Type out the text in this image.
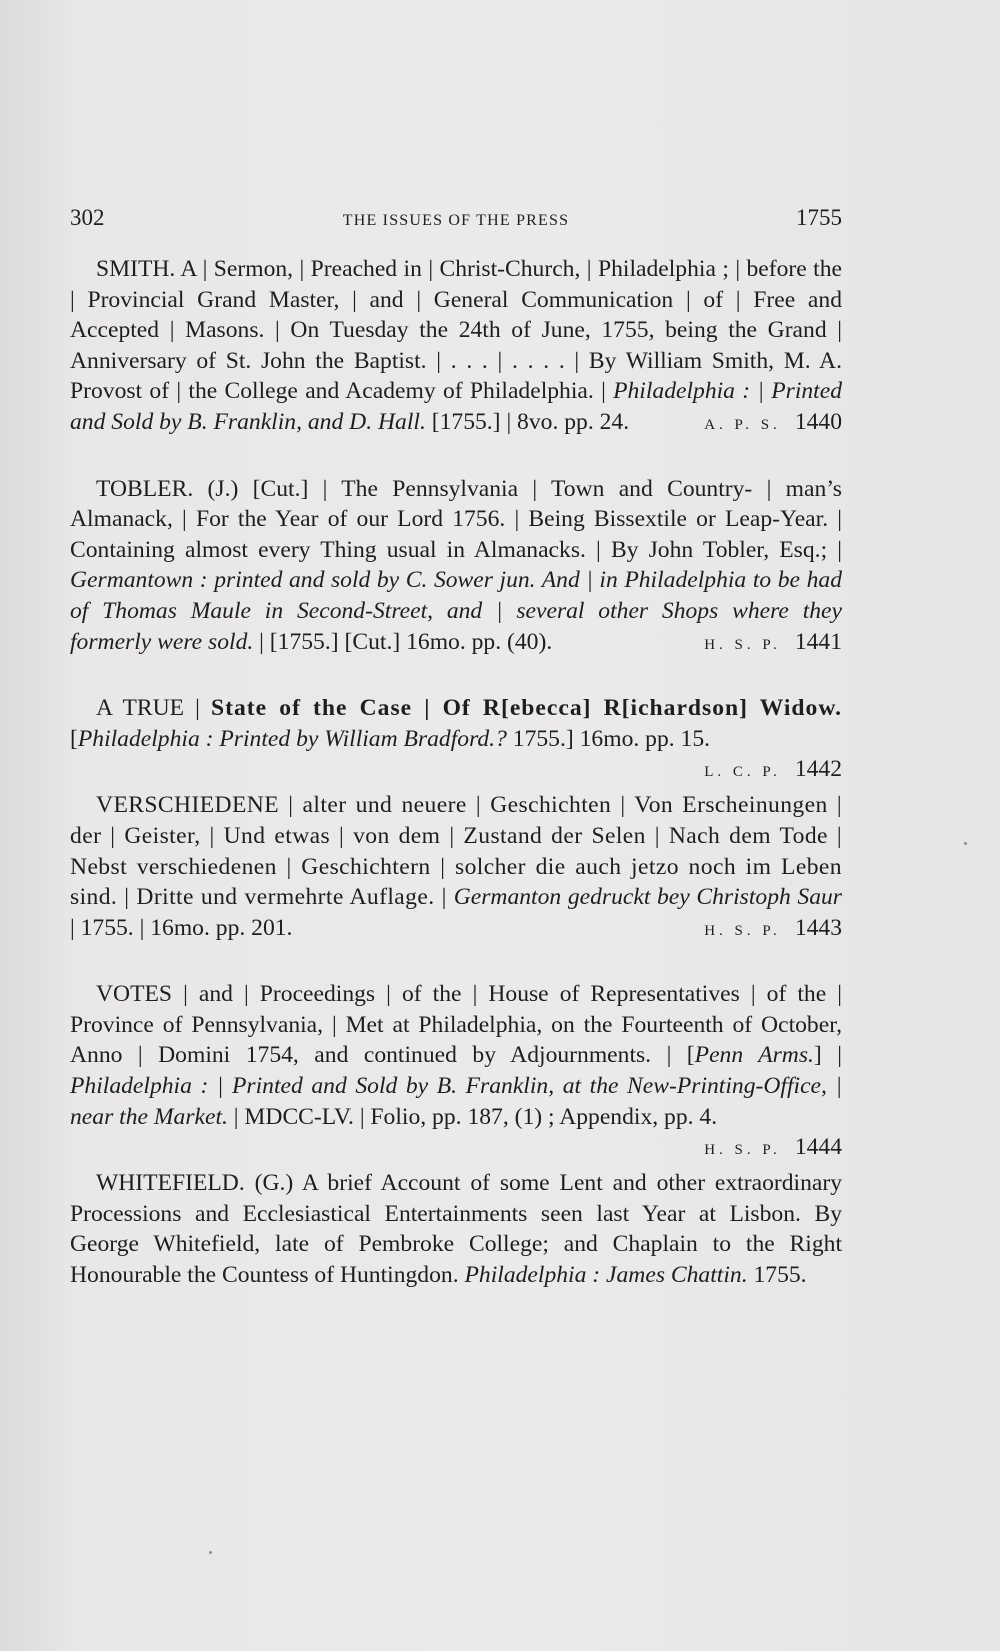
302	THE ISSUES OF THE PRESS	1755

SMITH. A | Sermon, | Preached in | Christ-Church, | Philadelphia ; | before the | Provincial Grand Master, | and | General Communication | of | Free and Accepted | Masons. | On Tuesday the 24th of June, 1755, being the Grand | Anniversary of St. John the Baptist. | . . . | . . . . | By William Smith, M. A. Provost of | the College and Academy of Philadelphia. | Philadelphia : | Printed and Sold by B. Franklin, and D. Hall. [1755.] | 8vo. pp. 24.	A. P. S. 1440

TOBLER. (J.) [Cut.] | The Pennsylvania | Town and Country- | man’s Almanack, | For the Year of our Lord 1756. | Being Bissextile or Leap-Year. | Containing almost every Thing usual in Almanacks. | By John Tobler, Esq.; | Germantown : printed and sold by C. Sower jun. And | in Philadelphia to be had of Thomas Maule in Second-Street, and | several other Shops where they formerly were sold. | [1755.] [Cut.] 16mo. pp. (40).	H. S. P. 1441

A TRUE | State of the Case | Of R[ebecca] R[ichardson] Widow. [Philadelphia : Printed by William Bradford.? 1755.] 16mo. pp. 15.
L. C. P. 1442

VERSCHIEDENE | alter und neuere | Geschichten | Von Erscheinungen | der | Geister, | Und etwas | von dem | Zustand der Selen | Nach dem Tode | Nebst verschiedenen | Geschichtern | solcher die auch jetzo noch im Leben sind. | Dritte und vermehrte Auflage. | Germanton gedruckt bey Christoph Saur | 1755. | 16mo. pp. 201.	H. S. P. 1443

VOTES | and | Proceedings | of the | House of Representatives | of the | Province of Pennsylvania, | Met at Philadelphia, on the Fourteenth of October, Anno | Domini 1754, and continued by Adjournments. | [Penn Arms.] | Philadelphia : | Printed and Sold by B. Franklin, at the New-Printing-Office, | near the Market. | MDCC-LV. | Folio, pp. 187, (1) ; Appendix, pp. 4.
H. S. P. 1444

WHITEFIELD. (G.) A brief Account of some Lent and other extraordinary Processions and Ecclesiastical Entertainments seen last Year at Lisbon. By George Whitefield, late of Pembroke College; and Chaplain to the Right Honourable the Countess of Huntingdon. Philadelphia : James Chattin. 1755.
